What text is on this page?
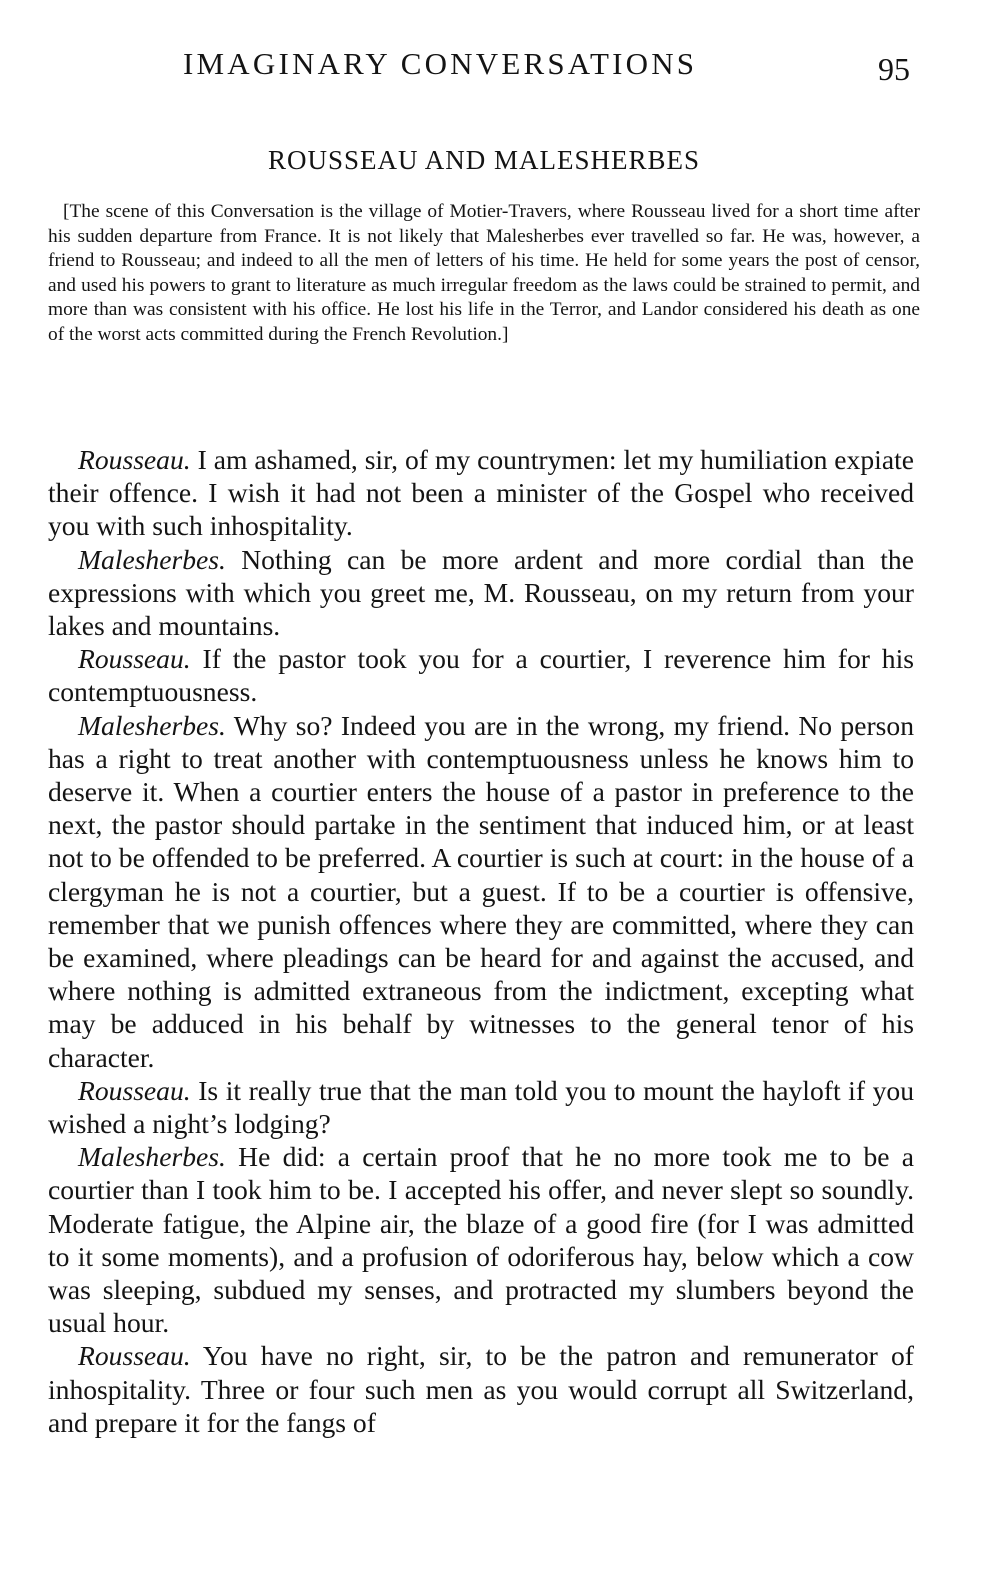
IMAGINARY CONVERSATIONS	95
ROUSSEAU AND MALESHERBES

[The scene of this Conversation is the village of Motier-Travers, where Rousseau lived for a short time after his sudden departure from France. It is not likely that Malesherbes ever travelled so far. He was, however, a friend to Rousseau; and indeed to all the men of letters of his time. He held for some years the post of censor, and used his powers to grant to literature as much irregular freedom as the laws could be strained to permit, and more than was consistent with his office. He lost his life in the Terror, and Landor considered his death as one of the worst acts committed during the French Revolution.]

Rousseau. I am ashamed, sir, of my countrymen: let my humiliation expiate their offence. I wish it had not been a minister of the Gospel who received you with such inhospitality.

Malesherbes. Nothing can be more ardent and more cordial than the expressions with which you greet me, M. Rousseau, on my return from your lakes and mountains.

Rousseau. If the pastor took you for a courtier, I reverence him for his contemptuousness.

Malesherbes. Why so? Indeed you are in the wrong, my friend. No person has a right to treat another with contemptuousness unless he knows him to deserve it. When a courtier enters the house of a pastor in preference to the next, the pastor should partake in the sentiment that induced him, or at least not to be offended to be preferred. A courtier is such at court: in the house of a clergyman he is not a courtier, but a guest. If to be a courtier is offensive, remember that we punish offences where they are committed, where they can be examined, where pleadings can be heard for and against the accused, and where nothing is admitted extraneous from the indictment, excepting what may be adduced in his behalf by witnesses to the general tenor of his character.

Rousseau. Is it really true that the man told you to mount the hayloft if you wished a night’s lodging?

Malesherbes. He did: a certain proof that he no more took me to be a courtier than I took him to be. I accepted his offer, and never slept so soundly. Moderate fatigue, the Alpine air, the blaze of a good fire (for I was admitted to it some moments), and a profusion of odoriferous hay, below which a cow was sleeping, subdued my senses, and protracted my slumbers beyond the usual hour.

Rousseau. You have no right, sir, to be the patron and remunerator of inhospitality. Three or four such men as you would corrupt all Switzerland, and prepare it for the fangs of
